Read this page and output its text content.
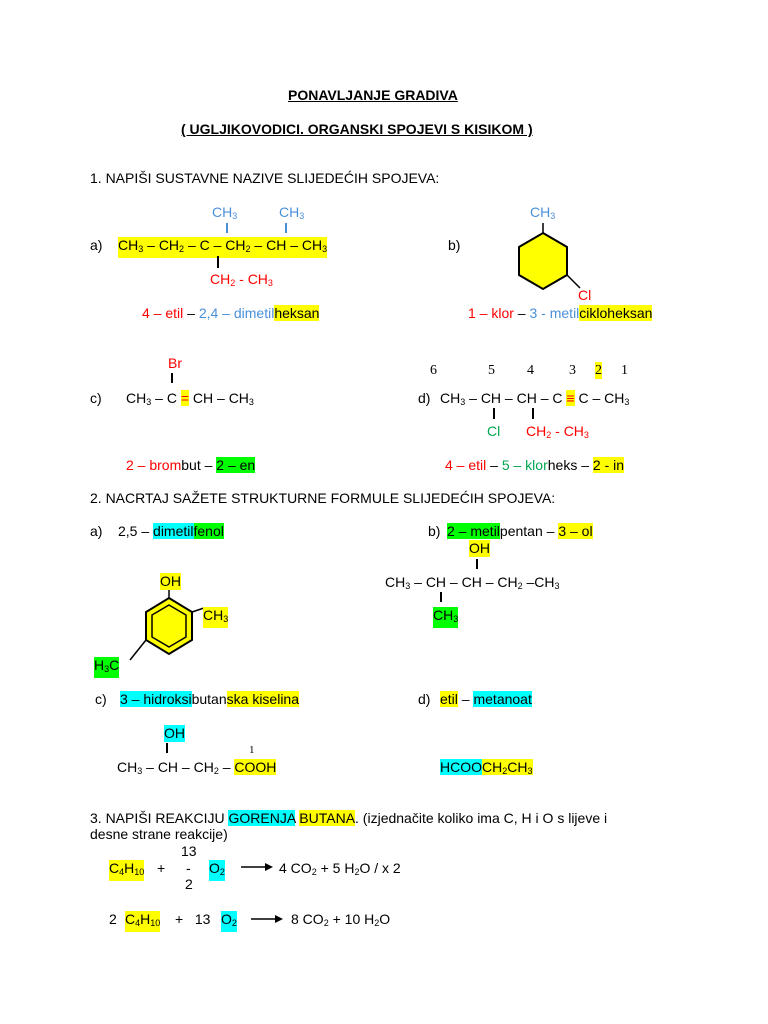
PONAVLJANJE GRADIVA
( UGLJIKOVODICI. ORGANSKI SPOJEVI S KISIKOM )
1. NAPIŠI SUSTAVNE NAZIVE SLIJEDEĆIH SPOJEVA:
$CH_3$	$CH_3$
a) $CH_3 - CH_2$ – C – $CH_2$ – CH – $CH_3$
$CH_2 - CH_3$
4 – etil – 2,4 – dimetilheksan
$CH_3$
b)
Cl
1 – klor – 3 - metilcikloheksan
Br
c) $CH_3$ – C = CH – $CH_3$
2 – brombut – 2 – en
6	5 4	3 2 1
d) $CH_3$ – CH – CH – $C \equiv C - CH_3$
Cl $CH_2 - CH_3$
4 – etil – 5 – klorheks – 2 - in
2. NACRTAJ SAŽETE STRUKTURNE FORMULE SLIJEDEĆIH SPOJEVA:
a) 2,5 – dimetilfenol
OH
$CH_3$
$H_3C$
b) 2 – metilpentan – 3 – ol
OH
$CH_3$ – CH – CH – $CH_2$ $-CH_3$
$CH_3$
c) 3 – hidroksibutanska kiselina
OH
1
$CH_3$ – CH – $CH_2$ – COOH
d) etil – metanoat
$HCOOCH_2CH_3$
3. NAPIŠI REAKCIJU GORENJA BUTANA. (izjednačite koliko ima C, H i O s lijeve i
desne strane reakcije)
13
-
2
$C_4H_{10}$ +	$O_2 \to 4$ $CO_2 + 5$ $H_2O$ / x 2
2 $C_4H_{10} + 13$ $O_2 \to 8$ $CO_2 + 10$ $H_2O$
